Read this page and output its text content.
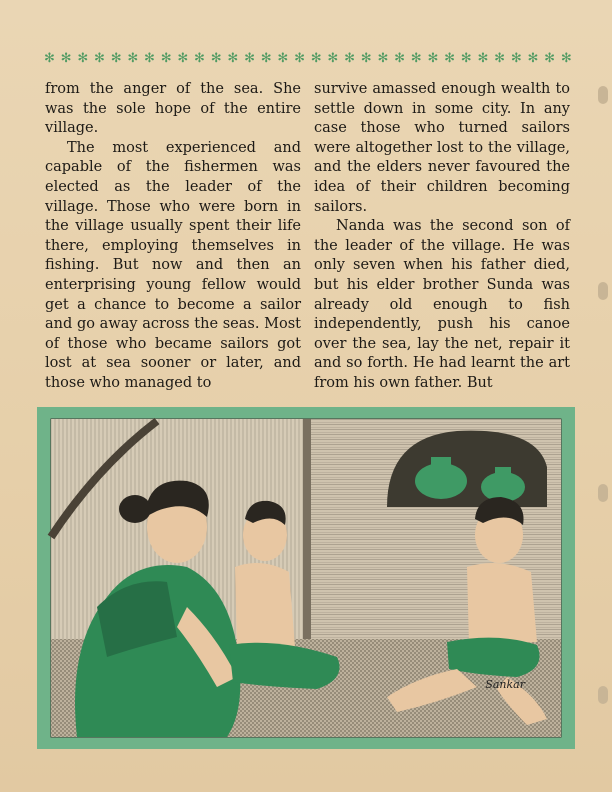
✻ ✻ ✻ ✻ ✻ ✻ ✻ ✻ ✻ ✻ ✻ ✻ ✻ ✻ ✻ ✻ ✻ ✻ ✻ ✻ ✻ ✻ ✻ ✻ ✻ ✻ ✻ ✻ ✻ ✻ ✻ ✻

from the anger of the sea. She was the sole hope of the entire village.

The most experienced and capable of the fishermen was elected as the leader of the village. Those who were born in the village usually spent their life there, employing themselves in fishing. But now and then an enterprising young fellow would get a chance to become a sailor and go away across the seas. Most of those who became sailors got lost at sea sooner or later, and those who managed to

survive amassed enough wealth to settle down in some city. In any case those who turned sailors were altogether lost to the village, and the elders never favoured the idea of their children becoming sailors.

Nanda was the second son of the leader of the village. He was only seven when his father died, but his elder brother Sunda was already old enough to fish independently, push his canoe over the sea, lay the net, repair it and so forth. He had learnt the art from his own father. But

Sankar
